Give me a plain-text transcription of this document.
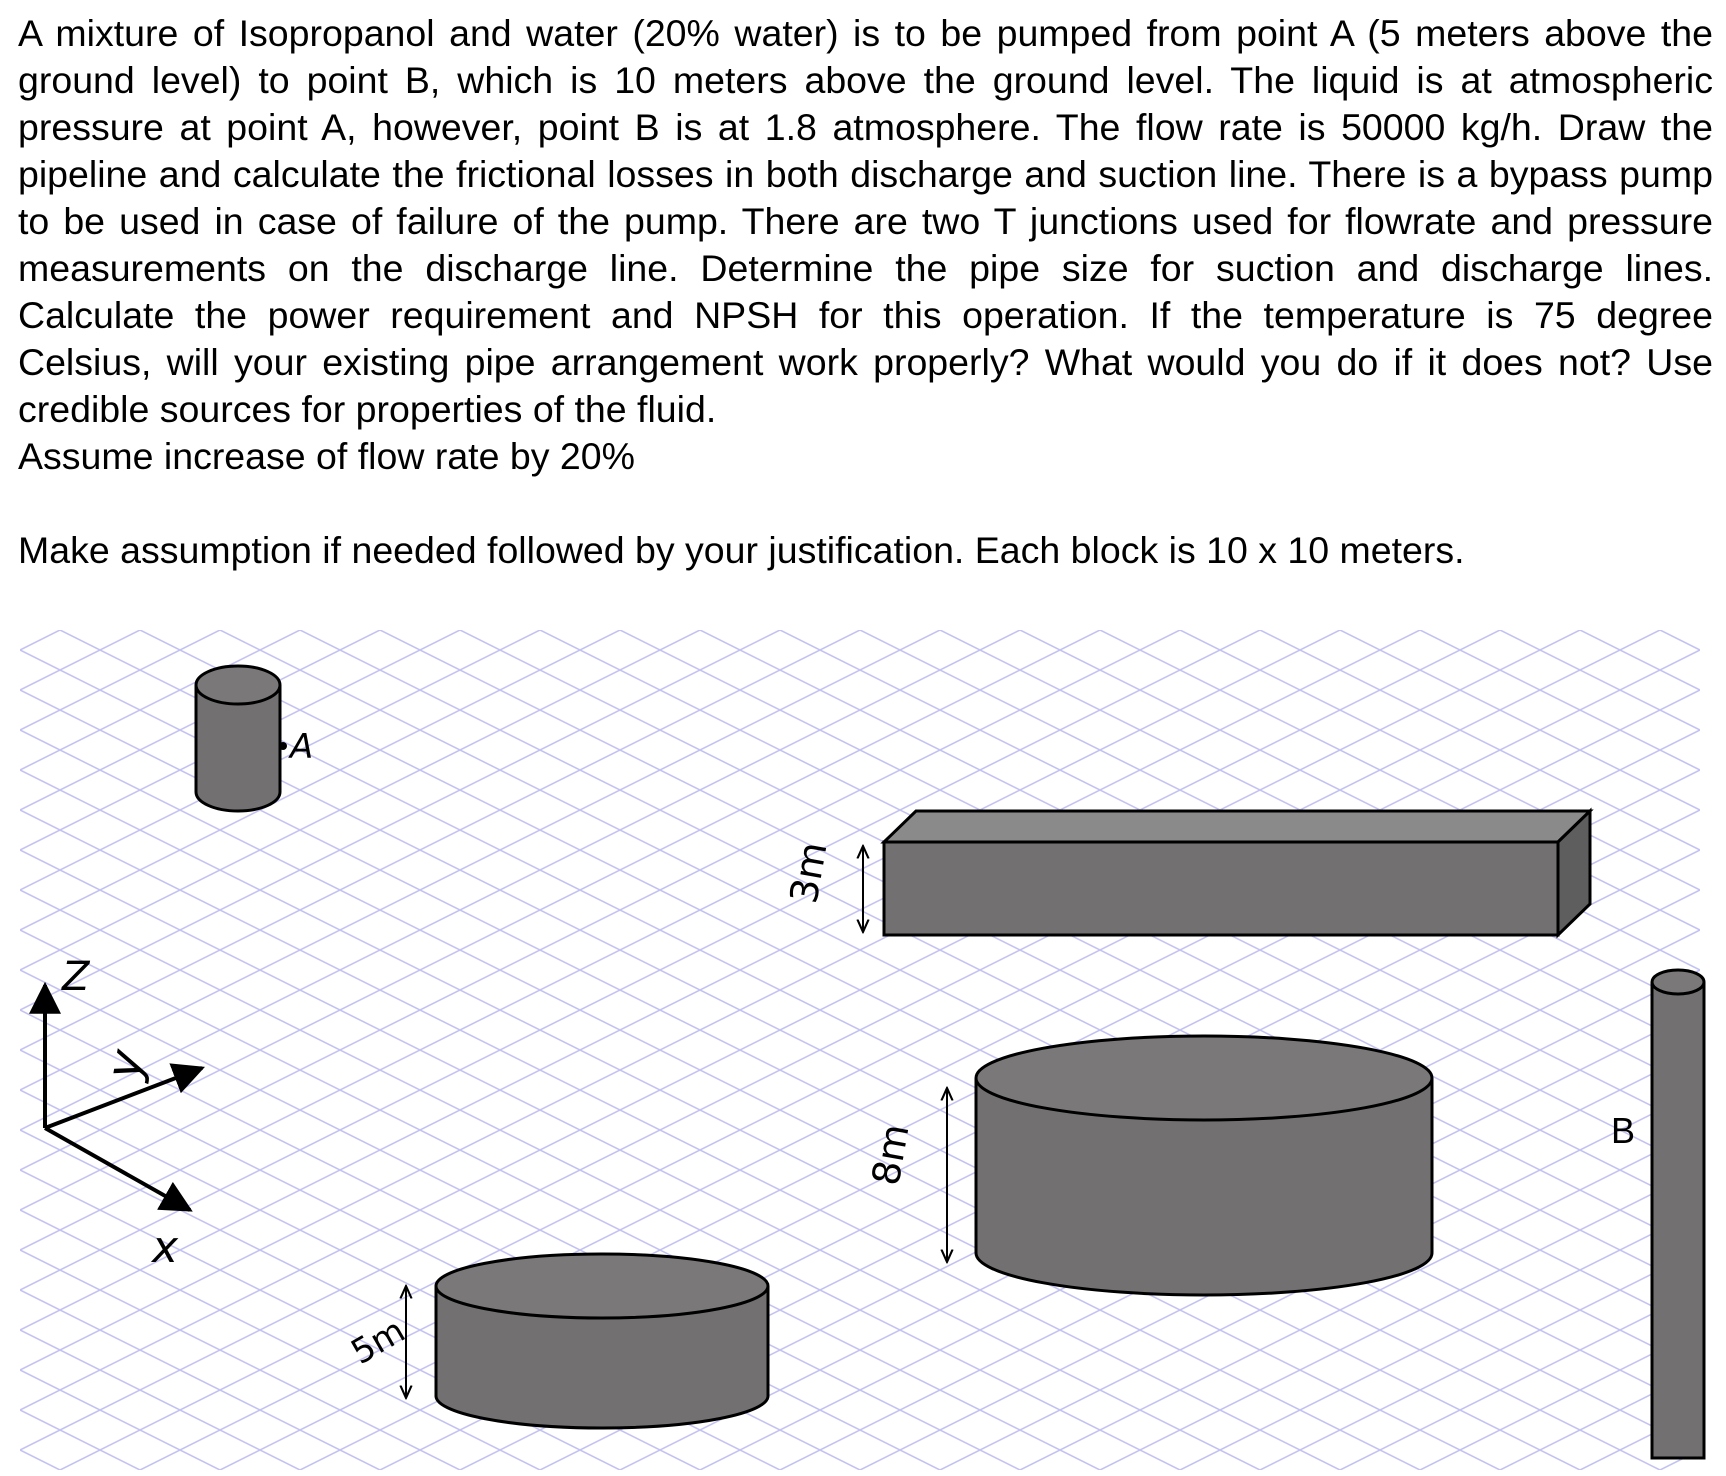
A mixture of Isopropanol and water (20% water) is to be pumped from point A (5 meters above the ground level) to point B, which is 10 meters above the ground level. The liquid is at atmospheric pressure at point A, however, point B is at 1.8 atmosphere. The flow rate is 50000 kg/h. Draw the pipeline and calculate the frictional losses in both discharge and suction line. There is a bypass pump to be used in case of failure of the pump. There are two T junctions used for flowrate and pressure measurements on the discharge line. Determine the pipe size for suction and discharge lines. Calculate the power requirement and NPSH for this operation. If the temperature is 75 degree Celsius, will your existing pipe arrangement work properly? What would you do if it does not? Use credible sources for properties of the fluid.

Assume increase of flow rate by 20%

Make assumption if needed followed by your justification. Each block is 10 x 10 meters.

A
3m
8m
5m
B
Z
y
x
